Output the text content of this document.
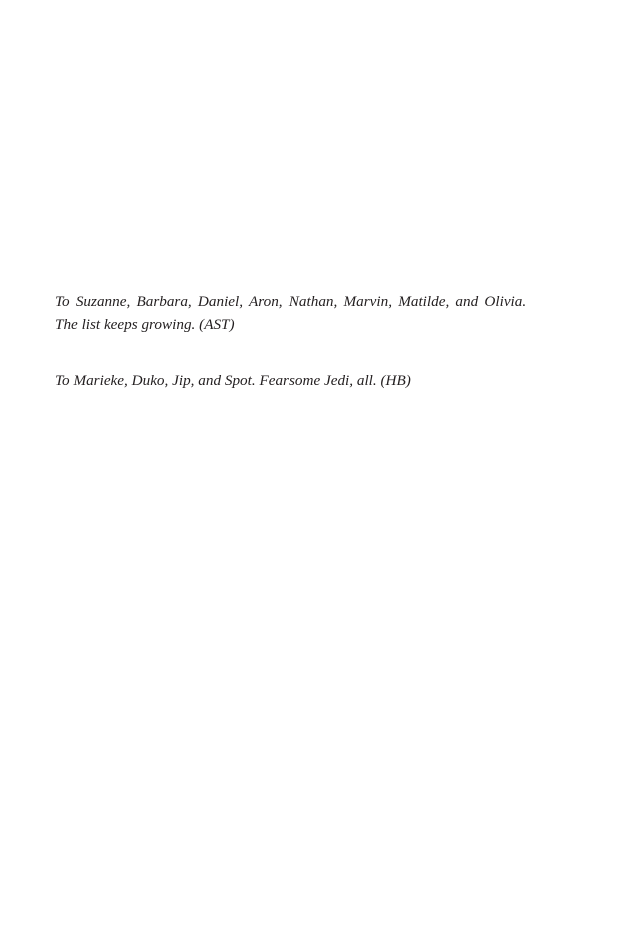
To Suzanne, Barbara, Daniel, Aron, Nathan, Marvin, Matilde, and Olivia.
The list keeps growing. (AST)

To Marieke, Duko, Jip, and Spot. Fearsome Jedi, all. (HB)
